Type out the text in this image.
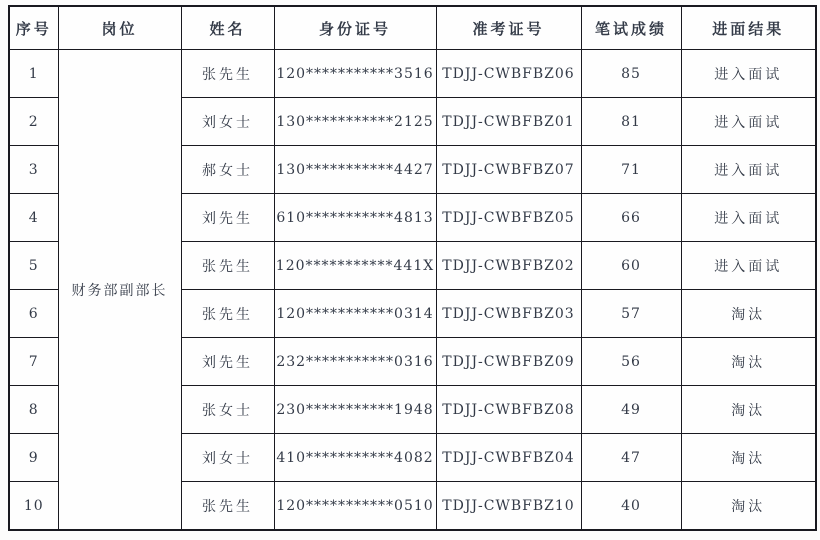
序号	岗位	姓名	身份证号	准考证号	笔试成绩	进面结果
1	财务部副部长	张先生	120***********3516	TDJJ-CWBFBZ06	85	进入面试
2		刘女士	130***********2125	TDJJ-CWBFBZ01	81	进入面试
3		郝女士	130***********4427	TDJJ-CWBFBZ07	71	进入面试
4		刘先生	610***********4813	TDJJ-CWBFBZ05	66	进入面试
5		张先生	120***********441X	TDJJ-CWBFBZ02	60	进入面试
6		张先生	120***********0314	TDJJ-CWBFBZ03	57	淘汰
7		刘先生	232***********0316	TDJJ-CWBFBZ09	56	淘汰
8		张女士	230***********1948	TDJJ-CWBFBZ08	49	淘汰
9		刘女士	410***********4082	TDJJ-CWBFBZ04	47	淘汰
10		张先生	120***********0510	TDJJ-CWBFBZ10	40	淘汰
